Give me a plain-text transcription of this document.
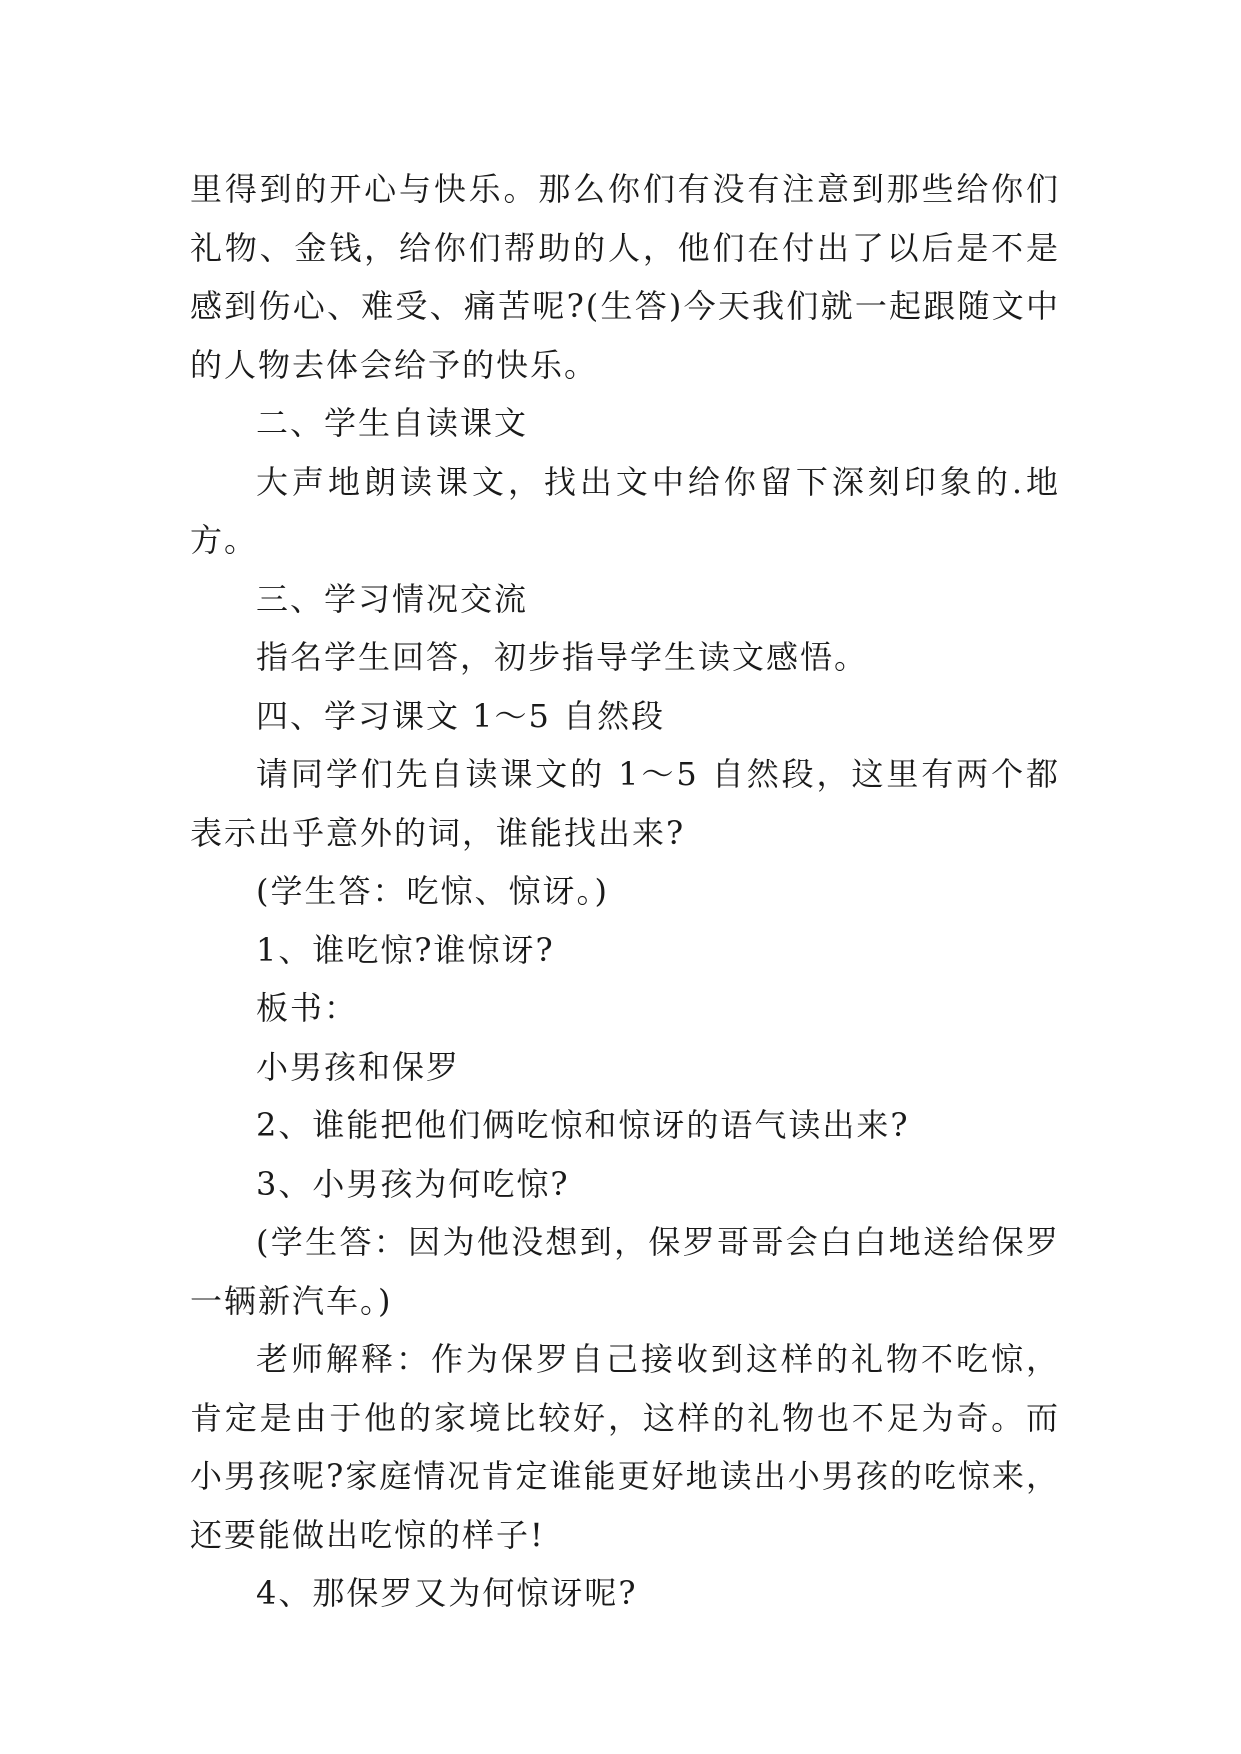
里得到的开心与快乐。那么你们有没有注意到那些给你们礼物、金钱，给你们帮助的人，他们在付出了以后是不是感到伤心、难受、痛苦呢?(生答)今天我们就一起跟随文中的人物去体会给予的快乐。

二、学生自读课文

大声地朗读课文，找出文中给你留下深刻印象的.地方。

三、学习情况交流

指名学生回答，初步指导学生读文感悟。

四、学习课文 1～5 自然段

请同学们先自读课文的 1～5 自然段，这里有两个都表示出乎意外的词，谁能找出来?

(学生答：吃惊、惊讶。)

1、谁吃惊?谁惊讶?

板书：

小男孩和保罗

2、谁能把他们俩吃惊和惊讶的语气读出来?

3、小男孩为何吃惊?

(学生答：因为他没想到，保罗哥哥会白白地送给保罗一辆新汽车。)

老师解释：作为保罗自己接收到这样的礼物不吃惊，肯定是由于他的家境比较好，这样的礼物也不足为奇。而小男孩呢?家庭情况肯定谁能更好地读出小男孩的吃惊来，还要能做出吃惊的样子!

4、那保罗又为何惊讶呢?
